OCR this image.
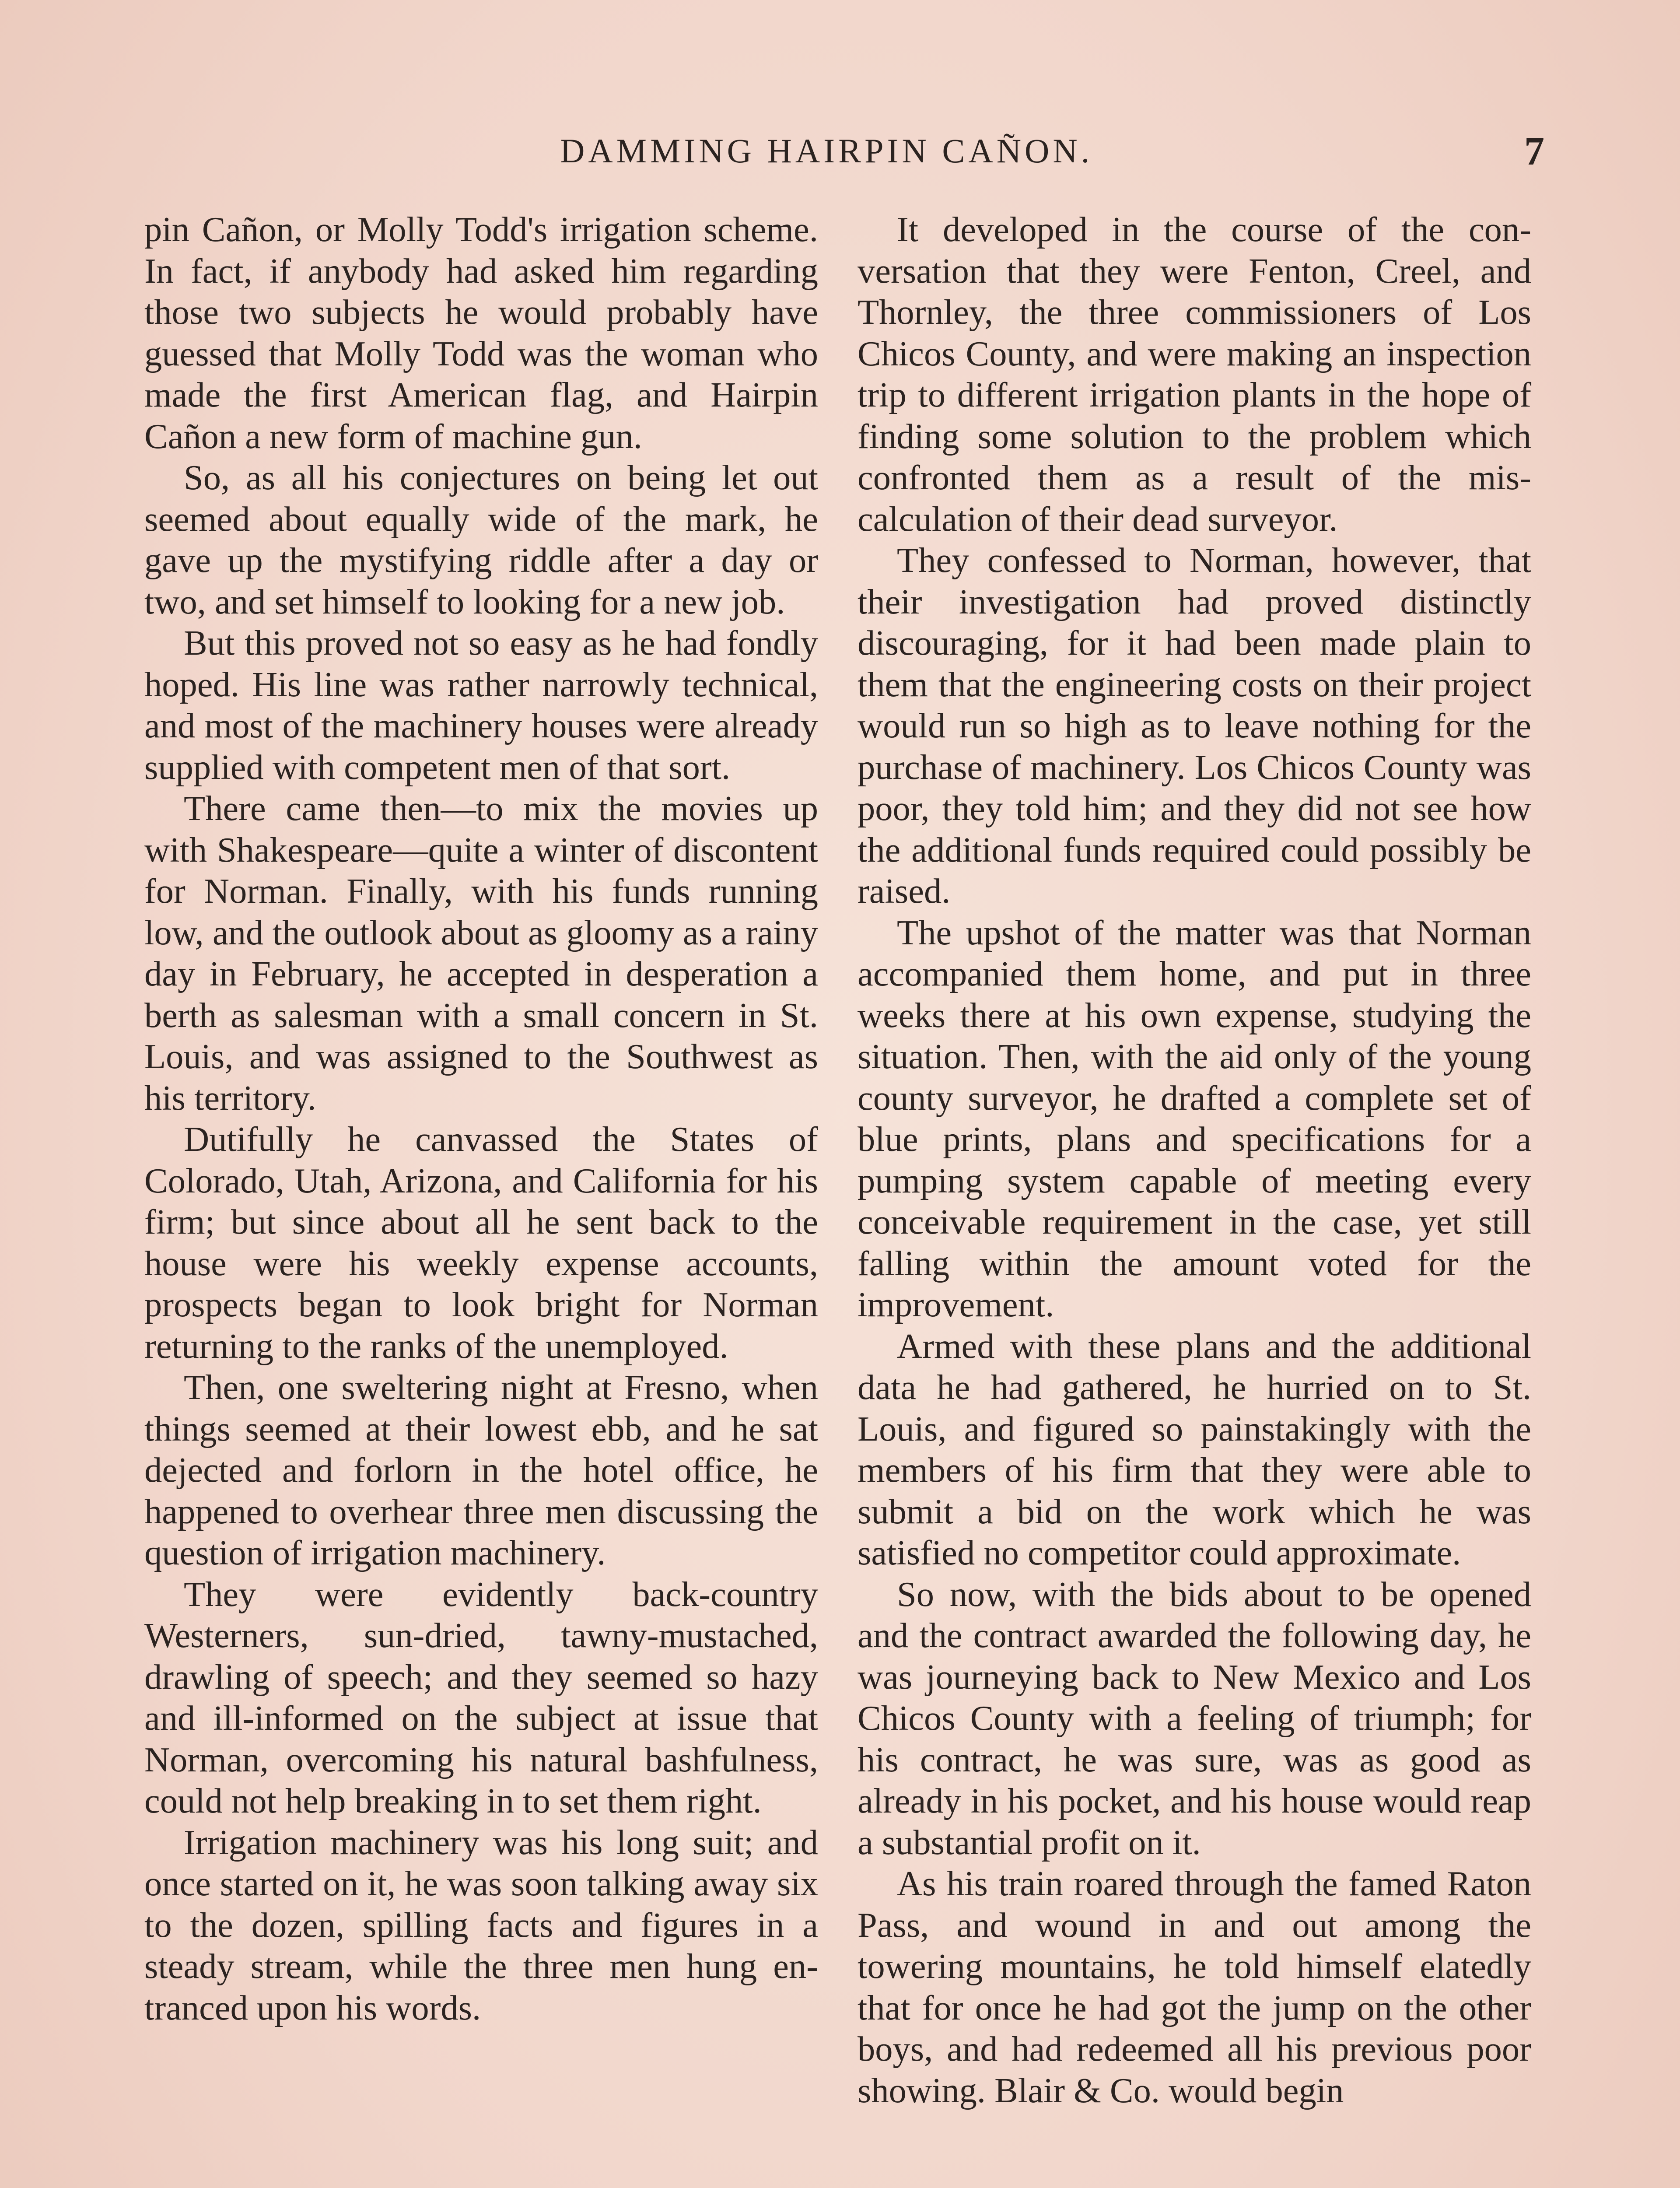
DAMMING HAIRPIN CAÑON.	7

pin Cañon, or Molly Todd's irrigation scheme. In fact, if anybody had asked him regarding those two subjects he would probably have guessed that Molly Todd was the woman who made the first American flag, and Hairpin Cañon a new form of machine gun.

So, as all his conjectures on being let out seemed about equally wide of the mark, he gave up the mystifying riddle after a day or two, and set himself to looking for a new job.

But this proved not so easy as he had fondly hoped. His line was rather narrowly technical, and most of the machinery houses were already supplied with competent men of that sort.

There came then—to mix the movies up with Shakespeare—quite a winter of discontent for Norman. Finally, with his funds running low, and the outlook about as gloomy as a rainy day in February, he accepted in desperation a berth as salesman with a small concern in St. Louis, and was assigned to the Southwest as his territory.

Dutifully he canvassed the States of Colorado, Utah, Arizona, and California for his firm; but since about all he sent back to the house were his weekly expense accounts, prospects began to look bright for Norman returning to the ranks of the unemployed.

Then, one sweltering night at Fresno, when things seemed at their lowest ebb, and he sat dejected and forlorn in the hotel office, he happened to overhear three men discussing the question of irrigation machinery.

They were evidently back-country Westerners, sun-dried, tawny-mustached, drawling of speech; and they seemed so hazy and ill-informed on the subject at issue that Norman, overcoming his natural bashfulness, could not help breaking in to set them right.

Irrigation machinery was his long suit; and once started on it, he was soon talking away six to the dozen, spilling facts and figures in a steady stream, while the three men hung entranced upon his words.

It developed in the course of the conversation that they were Fenton, Creel, and Thornley, the three commissioners of Los Chicos County, and were making an inspection trip to different irrigation plants in the hope of finding some solution to the problem which confronted them as a result of the miscalculation of their dead surveyor.

They confessed to Norman, however, that their investigation had proved distinctly discouraging, for it had been made plain to them that the engineering costs on their project would run so high as to leave nothing for the purchase of machinery. Los Chicos County was poor, they told him; and they did not see how the additional funds required could possibly be raised.

The upshot of the matter was that Norman accompanied them home, and put in three weeks there at his own expense, studying the situation. Then, with the aid only of the young county surveyor, he drafted a complete set of blue prints, plans and specifications for a pumping system capable of meeting every conceivable requirement in the case, yet still falling within the amount voted for the improvement.

Armed with these plans and the additional data he had gathered, he hurried on to St. Louis, and figured so painstakingly with the members of his firm that they were able to submit a bid on the work which he was satisfied no competitor could approximate.

So now, with the bids about to be opened and the contract awarded the following day, he was journeying back to New Mexico and Los Chicos County with a feeling of triumph; for his contract, he was sure, was as good as already in his pocket, and his house would reap a substantial profit on it.

As his train roared through the famed Raton Pass, and wound in and out among the towering mountains, he told himself elatedly that for once he had got the jump on the other boys, and had redeemed all his previous poor showing. Blair & Co. would begin
